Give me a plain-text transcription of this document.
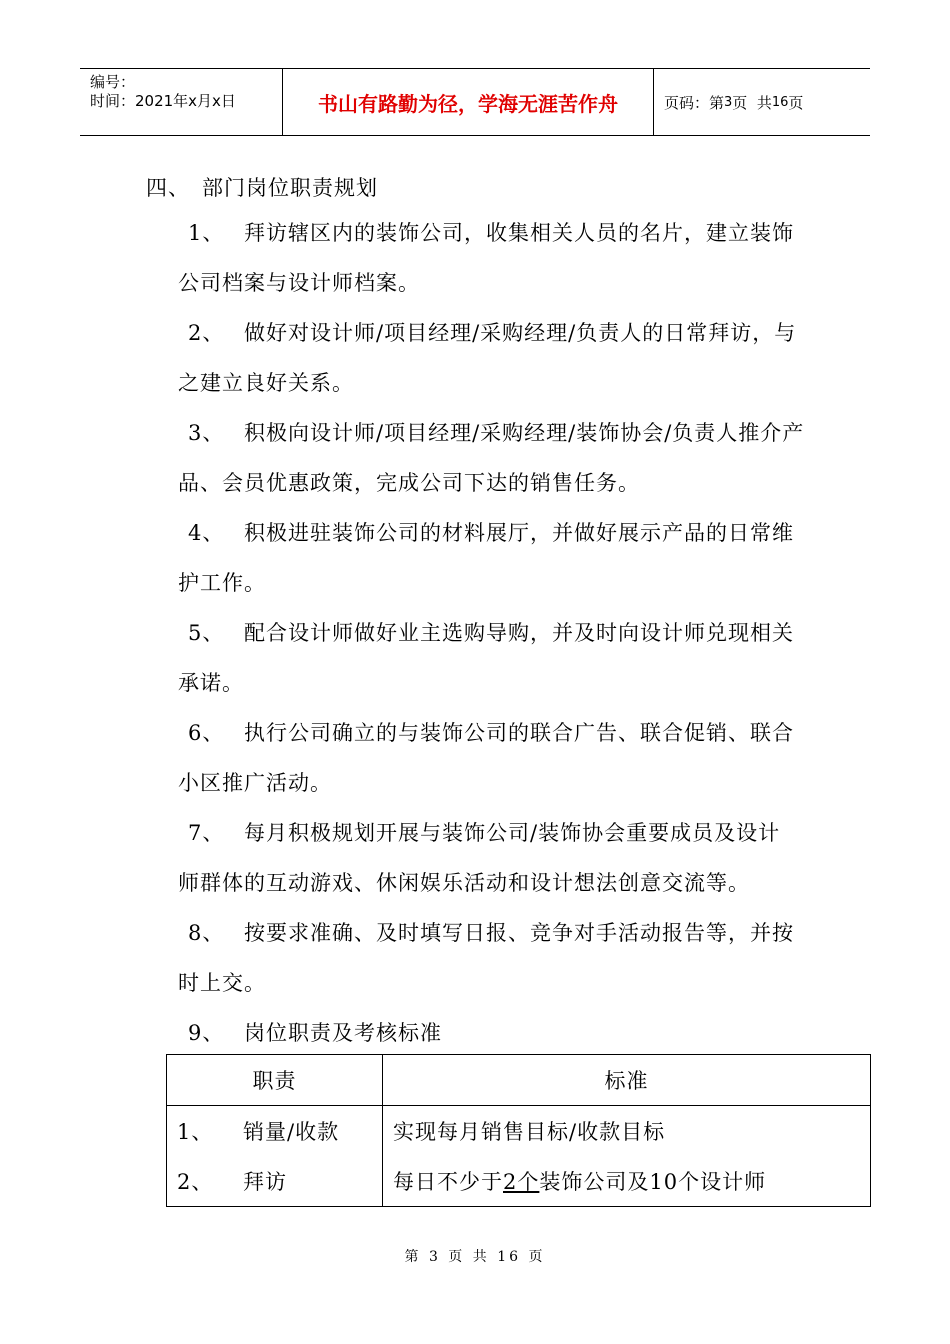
编号：
时间：2021年x月x日	书山有路勤为径，学海无涯苦作舟	页码：第 3 页  共 16 页
四、 部门岗位职责规划
1、 拜访辖区内的装饰公司，收集相关人员的名片，建立装饰
公司档案与设计师档案。
2、 做好对设计师/项目经理/采购经理/负责人的日常拜访，与
之建立良好关系。
3、 积极向设计师/项目经理/采购经理/装饰协会/负责人推介产
品、会员优惠政策，完成公司下达的销售任务。
4、 积极进驻装饰公司的材料展厅，并做好展示产品的日常维
护工作。
5、 配合设计师做好业主选购导购，并及时向设计师兑现相关
承诺。
6、 执行公司确立的与装饰公司的联合广告、联合促销、联合
小区推广活动。
7、 每月积极规划开展与装饰公司/装饰协会重要成员及设计
师群体的互动游戏、休闲娱乐活动和设计想法创意交流等。
8、 按要求准确、及时填写日报、竞争对手活动报告等，并按
时上交。
9、 岗位职责及考核标准
职责	标准
1、 销量/收款	实现每月销售目标/收款目标
2、 拜访	每日不少于2个装饰公司及10个设计师
第 3 页 共 16 页
